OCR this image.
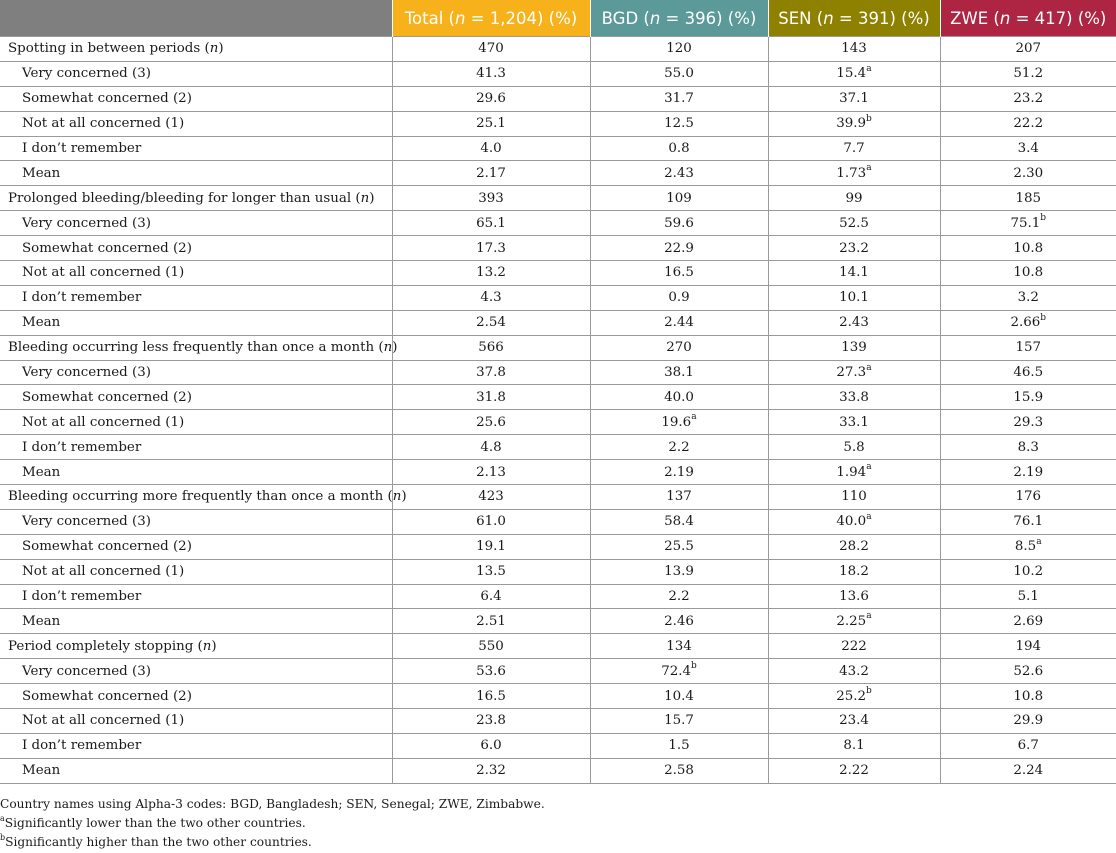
	Total (n = 1,204) (%)	BGD (n = 396) (%)	SEN (n = 391) (%)	ZWE (n = 417) (%)
Spotting in between periods (n)	470	120	143	207
Very concerned (3)	41.3	55.0	15.4$^a$	51.2
Somewhat concerned (2)	29.6	31.7	37.1	23.2
Not at all concerned (1)	25.1	12.5	39.9$^b$	22.2
I don’t remember	4.0	0.8	7.7	3.4
Mean	2.17	2.43	1.73$^a$	2.30
Prolonged bleeding/bleeding for longer than usual (n)	393	109	99	185
Very concerned (3)	65.1	59.6	52.5	75.1$^b$
Somewhat concerned (2)	17.3	22.9	23.2	10.8
Not at all concerned (1)	13.2	16.5	14.1	10.8
I don’t remember	4.3	0.9	10.1	3.2
Mean	2.54	2.44	2.43	2.66$^b$
Bleeding occurring less frequently than once a month (n)	566	270	139	157
Very concerned (3)	37.8	38.1	27.3$^a$	46.5
Somewhat concerned (2)	31.8	40.0	33.8	15.9
Not at all concerned (1)	25.6	19.6$^a$	33.1	29.3
I don’t remember	4.8	2.2	5.8	8.3
Mean	2.13	2.19	1.94$^a$	2.19
Bleeding occurring more frequently than once a month (n)	423	137	110	176
Very concerned (3)	61.0	58.4	40.0$^a$	76.1
Somewhat concerned (2)	19.1	25.5	28.2	8.5$^a$
Not at all concerned (1)	13.5	13.9	18.2	10.2
I don’t remember	6.4	2.2	13.6	5.1
Mean	2.51	2.46	2.25$^a$	2.69
Period completely stopping (n)	550	134	222	194
Very concerned (3)	53.6	72.4$^b$	43.2	52.6
Somewhat concerned (2)	16.5	10.4	25.2$^b$	10.8
Not at all concerned (1)	23.8	15.7	23.4	29.9
I don’t remember	6.0	1.5	8.1	6.7
Mean	2.32	2.58	2.22	2.24
Country names using Alpha-3 codes: BGD, Bangladesh; SEN, Senegal; ZWE, Zimbabwe.
$^a$Significantly lower than the two other countries.
$^b$Significantly higher than the two other countries.
